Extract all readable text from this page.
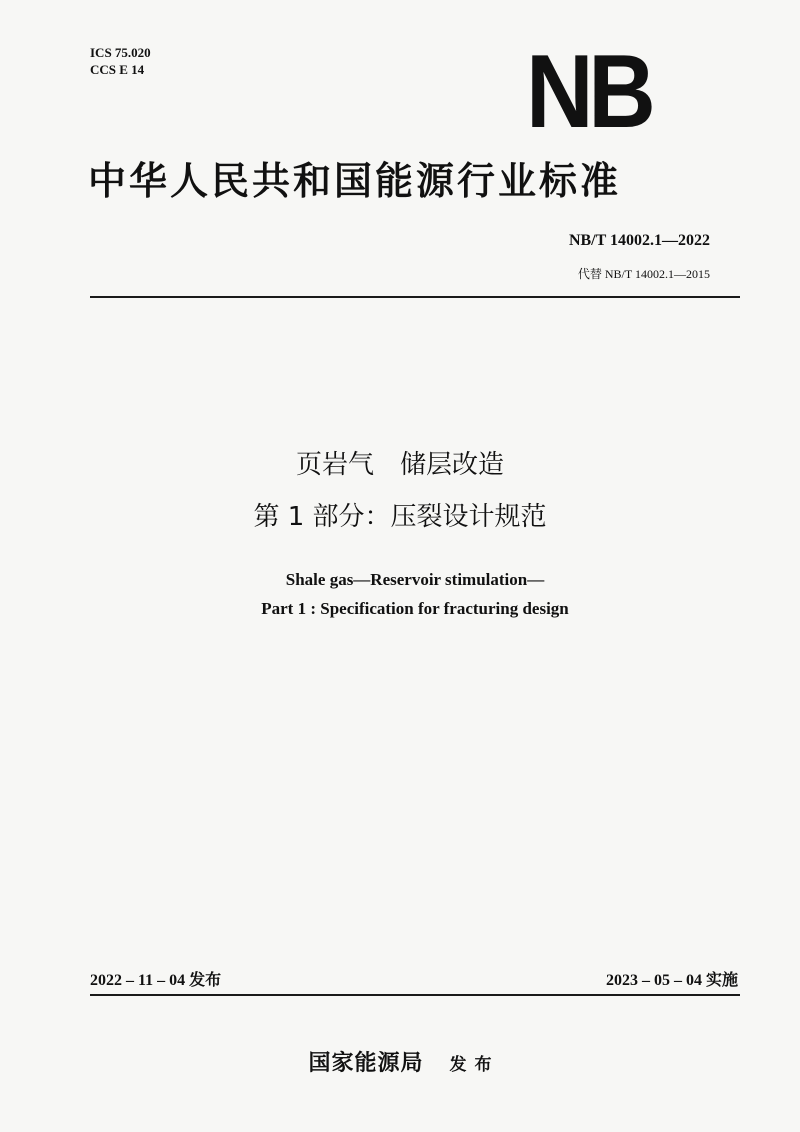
ICS 75.020
CCS E 14	NB
中华人民共和国能源行业标准
NB/T 14002.1—2022
代替 NB/T 14002.1—2015
页岩气　储层改造
第 1 部分：压裂设计规范
Shale gas—Reservoir stimulation—
Part 1 : Specification for fracturing design
2022 – 11 – 04 发布	2023 – 05 – 04 实施
国家能源局 发布
